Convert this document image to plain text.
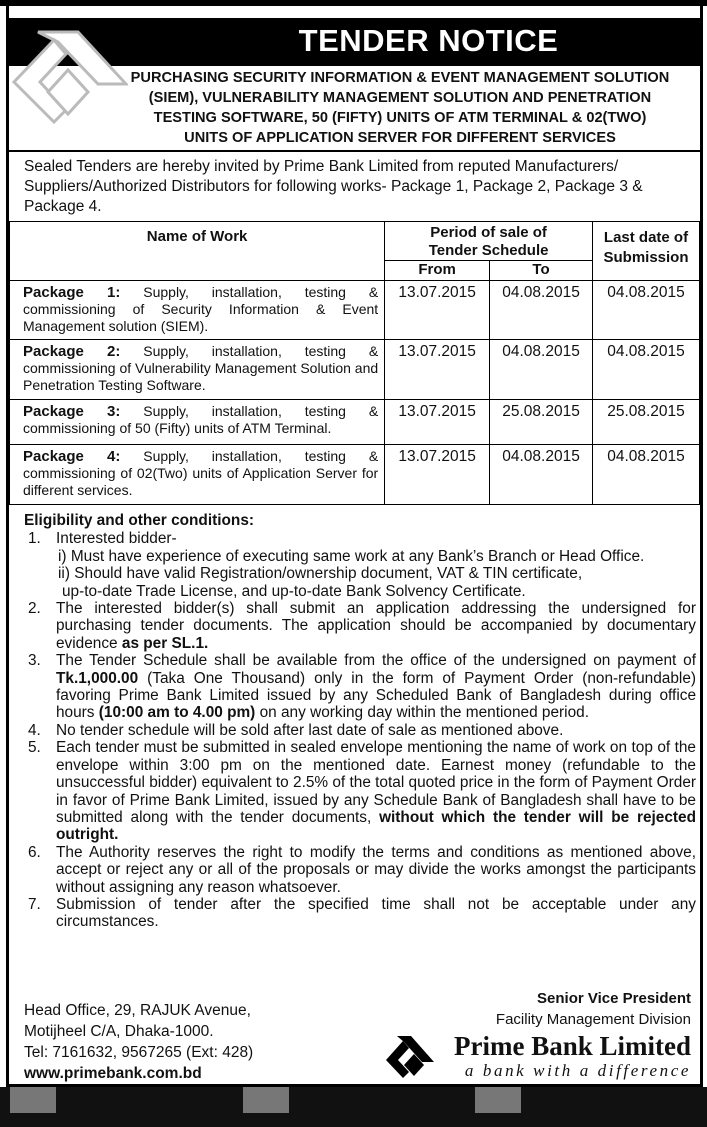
TENDER NOTICE
PURCHASING SECURITY INFORMATION & EVENT MANAGEMENT SOLUTION
(SIEM), VULNERABILITY MANAGEMENT SOLUTION AND PENETRATION
TESTING SOFTWARE, 50 (FIFTY) UNITS OF ATM TERMINAL & 02(TWO)
UNITS OF APPLICATION SERVER FOR DIFFERENT SERVICES
Sealed Tenders are hereby invited by Prime Bank Limited from reputed Manufacturers/ Suppliers/Authorized Distributors for following works- Package 1, Package 2, Package 3 & Package 4.
Name of Work	Period of sale of Tender Schedule		Last date of Submission
	From	To	
Package 1: Supply, installation, testing & commissioning of Security Information & Event Management solution (SIEM).	13.07.2015	04.08.2015	04.08.2015
Package 2: Supply, installation, testing & commissioning of Vulnerability Management Solution and Penetration Testing Software.	13.07.2015	04.08.2015	04.08.2015
Package 3: Supply, installation, testing & commissioning of 50 (Fifty) units of ATM Terminal.	13.07.2015	25.08.2015	25.08.2015
Package 4: Supply, installation, testing & commissioning of 02(Two) units of Application Server for different services.	13.07.2015	04.08.2015	04.08.2015
Eligibility and other conditions:
1. Interested bidder-
i) Must have experience of executing same work at any Bank’s Branch or Head Office.
ii) Should have valid Registration/ownership document, VAT & TIN certificate,
up-to-date Trade License, and up-to-date Bank Solvency Certificate.
2. The interested bidder(s) shall submit an application addressing the undersigned for purchasing tender documents. The application should be accompanied by documentary evidence as per SL.1.
3. The Tender Schedule shall be available from the office of the undersigned on payment of Tk.1,000.00 (Taka One Thousand) only in the form of Payment Order (non-refundable) favoring Prime Bank Limited issued by any Scheduled Bank of Bangladesh during office hours (10:00 am to 4.00 pm) on any working day within the mentioned period.
4. No tender schedule will be sold after last date of sale as mentioned above.
5. Each tender must be submitted in sealed envelope mentioning the name of work on top of the envelope within 3:00 pm on the mentioned date. Earnest money (refundable to the unsuccessful bidder) equivalent to 2.5% of the total quoted price in the form of Payment Order in favor of Prime Bank Limited, issued by any Schedule Bank of Bangladesh shall have to be submitted along with the tender documents, without which the tender will be rejected outright.
6. The Authority reserves the right to modify the terms and conditions as mentioned above, accept or reject any or all of the proposals or may divide the works amongst the participants without assigning any reason whatsoever.
7. Submission of tender after the specified time shall not be acceptable under any circumstances.
Head Office, 29, RAJUK Avenue,
Motijheel C/A, Dhaka-1000.
Tel: 7161632, 9567265 (Ext: 428)
www.primebank.com.bd
Senior Vice President
Facility Management Division
Prime Bank Limited
a bank with a difference
